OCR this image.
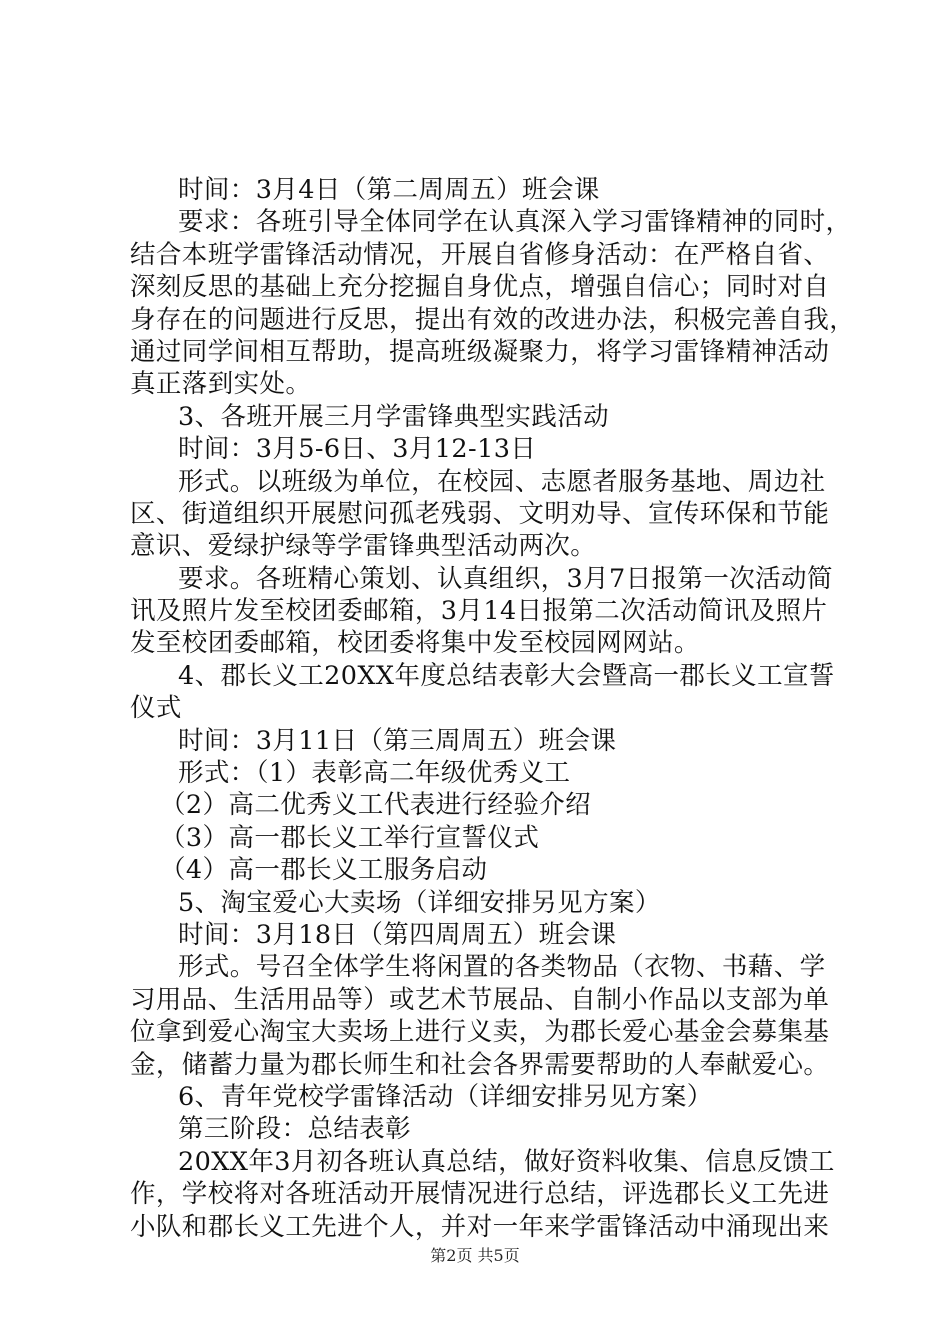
时间：3月4日（第二周周五）班会课
要求：各班引导全体同学在认真深入学习雷锋精神的同时，
结合本班学雷锋活动情况，开展自省修身活动：在严格自省、
深刻反思的基础上充分挖掘自身优点，增强自信心；同时对自
身存在的问题进行反思，提出有效的改进办法，积极完善自我，
通过同学间相互帮助，提高班级凝聚力，将学习雷锋精神活动
真正落到实处。
3、各班开展三月学雷锋典型实践活动
时间：3月5-6日、3月12-13日
形式。以班级为单位，在校园、志愿者服务基地、周边社
区、街道组织开展慰问孤老残弱、文明劝导、宣传环保和节能
意识、爱绿护绿等学雷锋典型活动两次。
要求。各班精心策划、认真组织，3月7日报第一次活动简
讯及照片发至校团委邮箱，3月14日报第二次活动简讯及照片
发至校团委邮箱，校团委将集中发至校园网网站。
4、郡长义工20XX年度总结表彰大会暨高一郡长义工宣誓
仪式
时间：3月11日（第三周周五）班会课
形式：（1）表彰高二年级优秀义工
（2）高二优秀义工代表进行经验介绍
（3）高一郡长义工举行宣誓仪式
（4）高一郡长义工服务启动
5、淘宝爱心大卖场（详细安排另见方案）
时间：3月18日（第四周周五）班会课
形式。号召全体学生将闲置的各类物品（衣物、书藉、学
习用品、生活用品等）或艺术节展品、自制小作品以支部为单
位拿到爱心淘宝大卖场上进行义卖，为郡长爱心基金会募集基
金，储蓄力量为郡长师生和社会各界需要帮助的人奉献爱心。
6、青年党校学雷锋活动（详细安排另见方案）
第三阶段：总结表彰
20XX年3月初各班认真总结，做好资料收集、信息反馈工
作，学校将对各班活动开展情况进行总结，评选郡长义工先进
小队和郡长义工先进个人，并对一年来学雷锋活动中涌现出来
第2页 共5页
